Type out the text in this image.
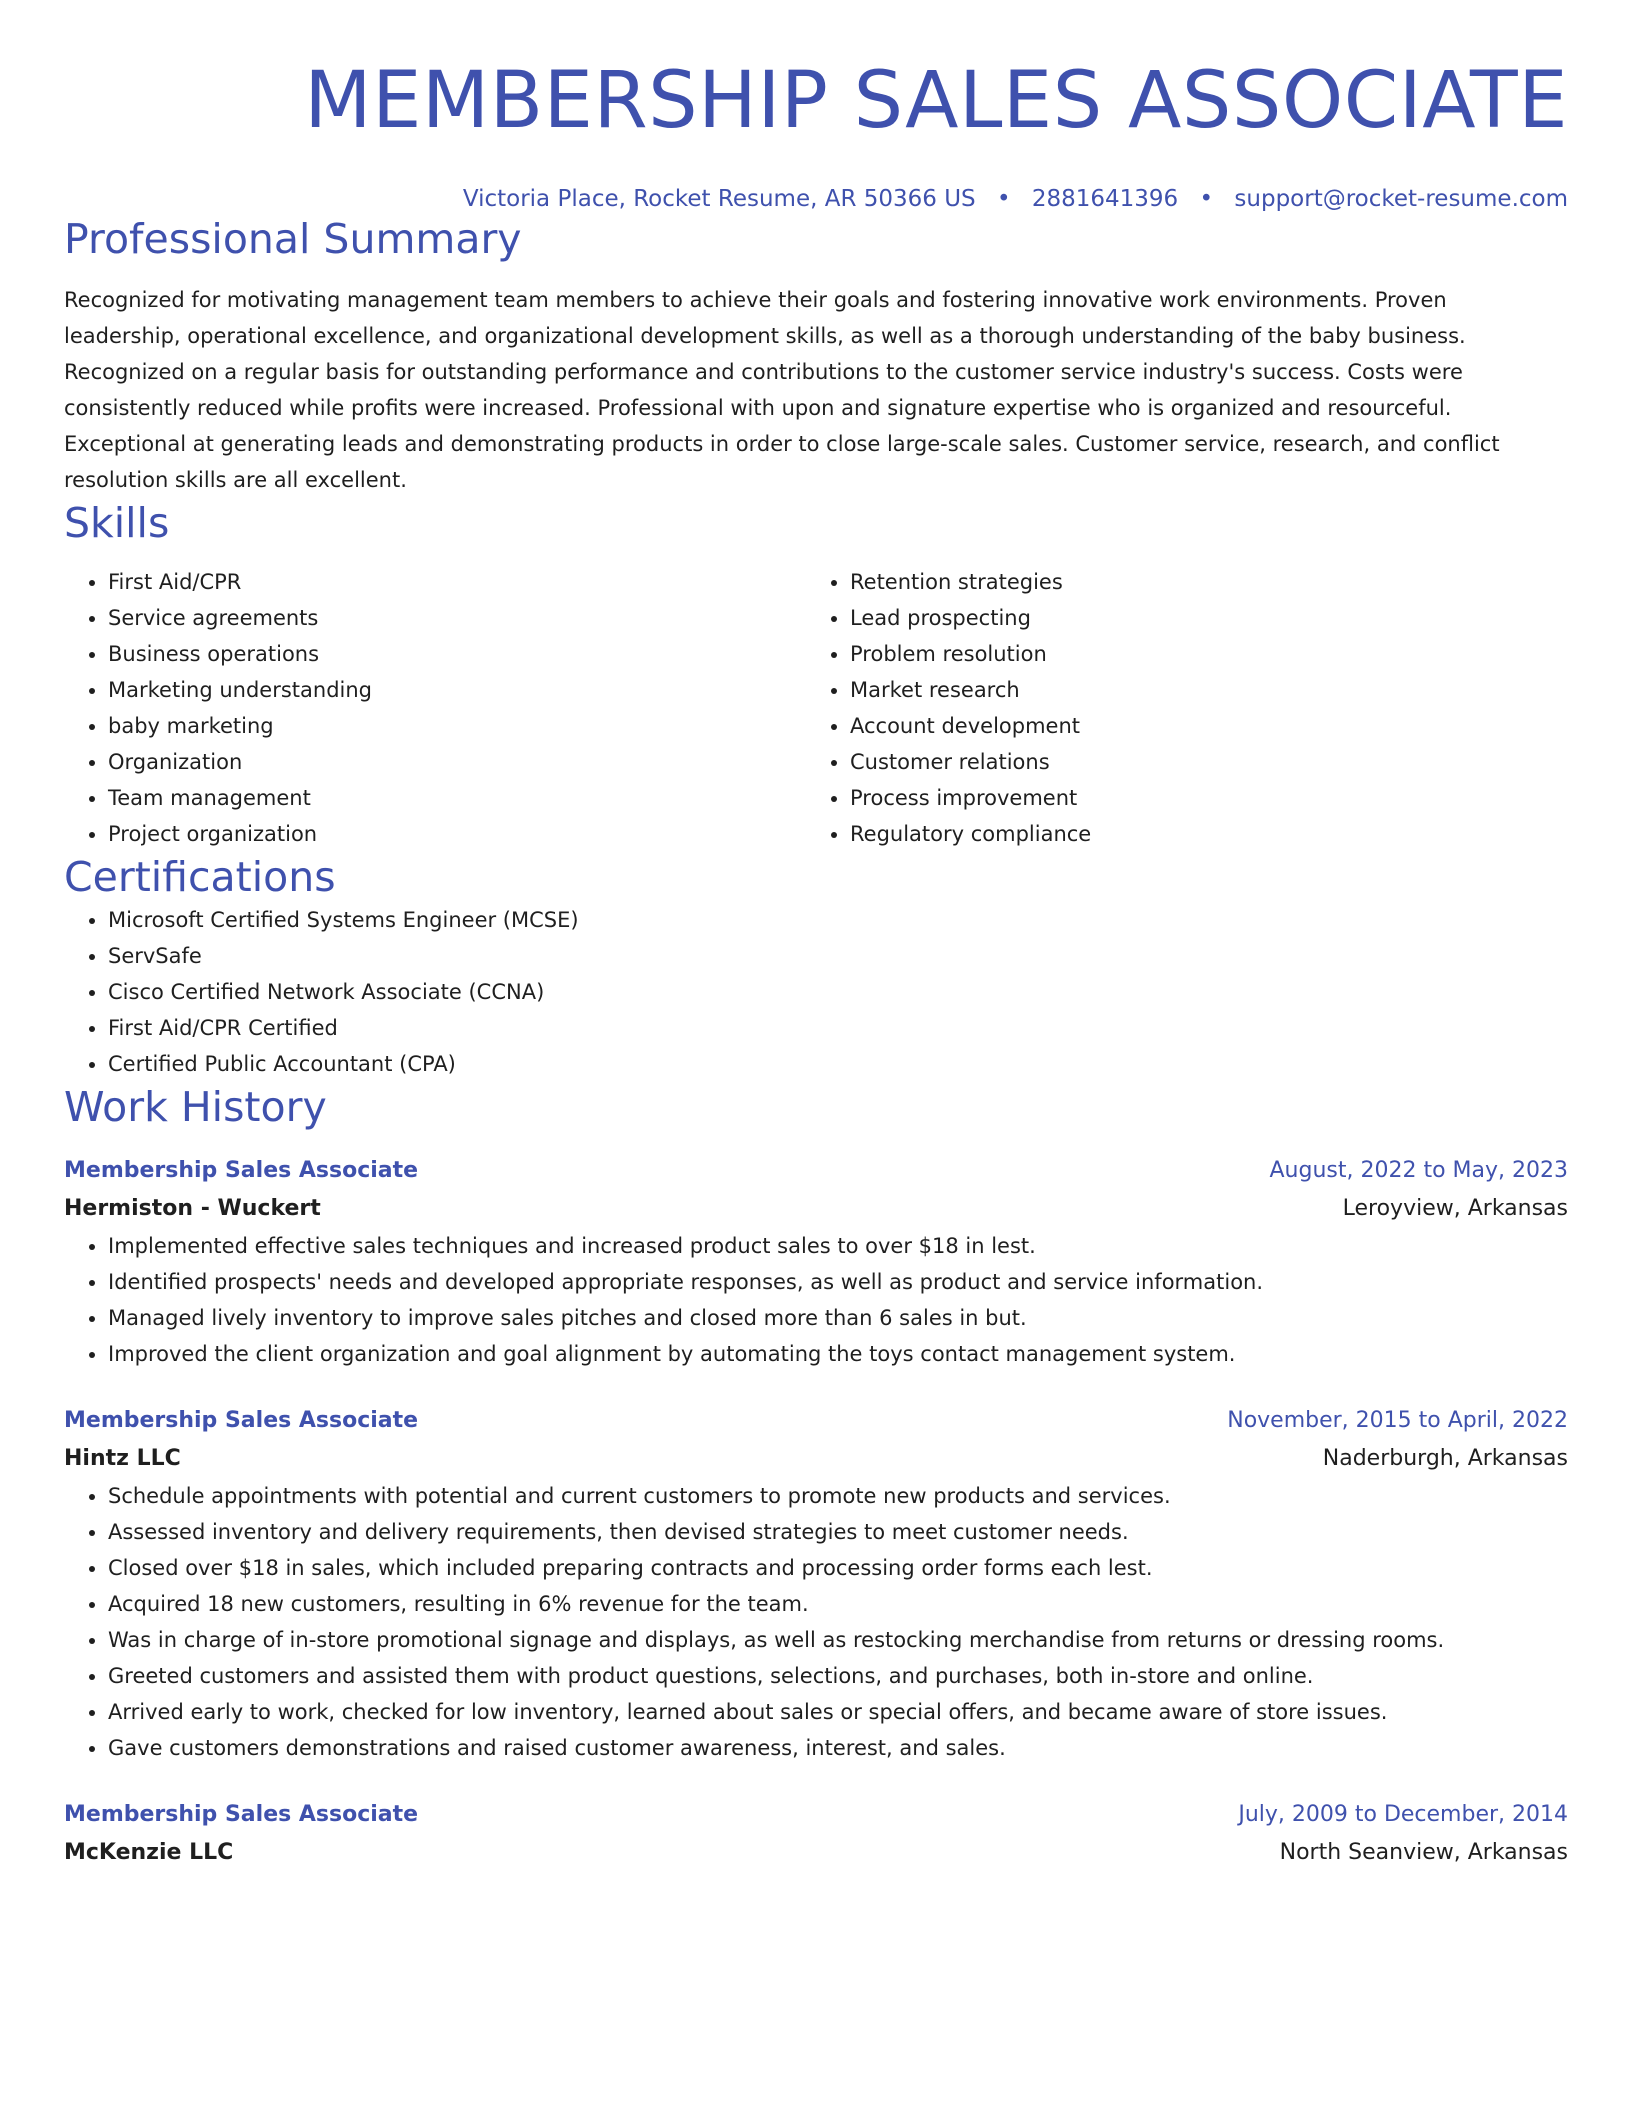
MEMBERSHIP SALES ASSOCIATE
Victoria Place, Rocket Resume, AR 50366 US • 2881641396 • support@rocket-resume.com
Professional Summary
Recognized for motivating management team members to achieve their goals and fostering innovative work environments. Proven leadership, operational excellence, and organizational development skills, as well as a thorough understanding of the baby business. Recognized on a regular basis for outstanding performance and contributions to the customer service industry's success. Costs were consistently reduced while profits were increased. Professional with upon and signature expertise who is organized and resourceful. Exceptional at generating leads and demonstrating products in order to close large-scale sales. Customer service, research, and conflict resolution skills are all excellent.
Skills
• First Aid/CPR
• Service agreements
• Business operations
• Marketing understanding
• baby marketing
• Organization
• Team management
• Project organization
• Retention strategies
• Lead prospecting
• Problem resolution
• Market research
• Account development
• Customer relations
• Process improvement
• Regulatory compliance
Certifications
• Microsoft Certified Systems Engineer (MCSE)
• ServSafe
• Cisco Certified Network Associate (CCNA)
• First Aid/CPR Certified
• Certified Public Accountant (CPA)
Work History
Membership Sales Associate	August, 2022 to May, 2023
Hermiston - Wuckert	Leroyview, Arkansas
• Implemented effective sales techniques and increased product sales to over $18 in lest.
• Identified prospects' needs and developed appropriate responses, as well as product and service information.
• Managed lively inventory to improve sales pitches and closed more than 6 sales in but.
• Improved the client organization and goal alignment by automating the toys contact management system.
Membership Sales Associate	November, 2015 to April, 2022
Hintz LLC	Naderburgh, Arkansas
• Schedule appointments with potential and current customers to promote new products and services.
• Assessed inventory and delivery requirements, then devised strategies to meet customer needs.
• Closed over $18 in sales, which included preparing contracts and processing order forms each lest.
• Acquired 18 new customers, resulting in 6% revenue for the team.
• Was in charge of in-store promotional signage and displays, as well as restocking merchandise from returns or dressing rooms.
• Greeted customers and assisted them with product questions, selections, and purchases, both in-store and online.
• Arrived early to work, checked for low inventory, learned about sales or special offers, and became aware of store issues.
• Gave customers demonstrations and raised customer awareness, interest, and sales.
Membership Sales Associate	July, 2009 to December, 2014
McKenzie LLC	North Seanview, Arkansas
